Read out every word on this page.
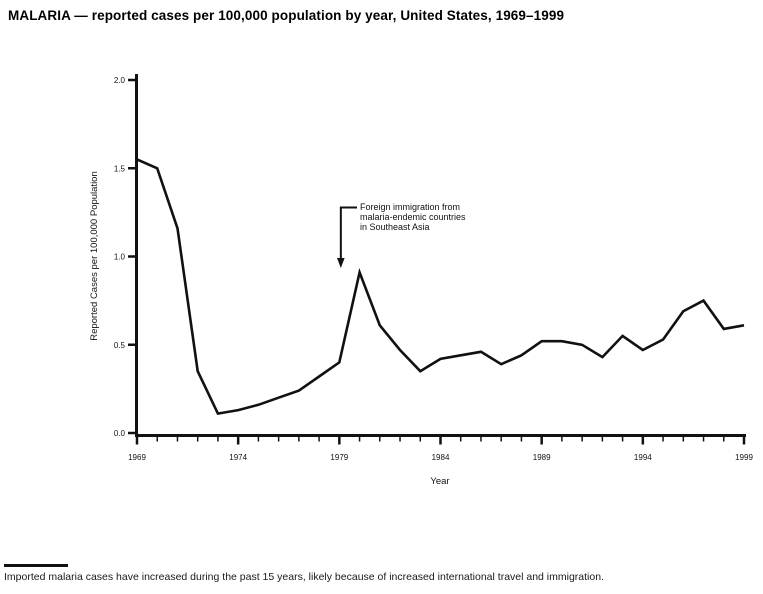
MALARIA — reported cases per 100,000 population by year, United States, 1969–1999
0.0
0.5
1.0
1.5
2.0
1969	1974	1979	1984	1989	1994	1999
Reported Cases per 100,000 Population
Year
Foreign immigration from
malaria-endemic countries
in Southeast Asia
Imported malaria cases have increased during the past 15 years, likely because of increased international travel and immigration.
